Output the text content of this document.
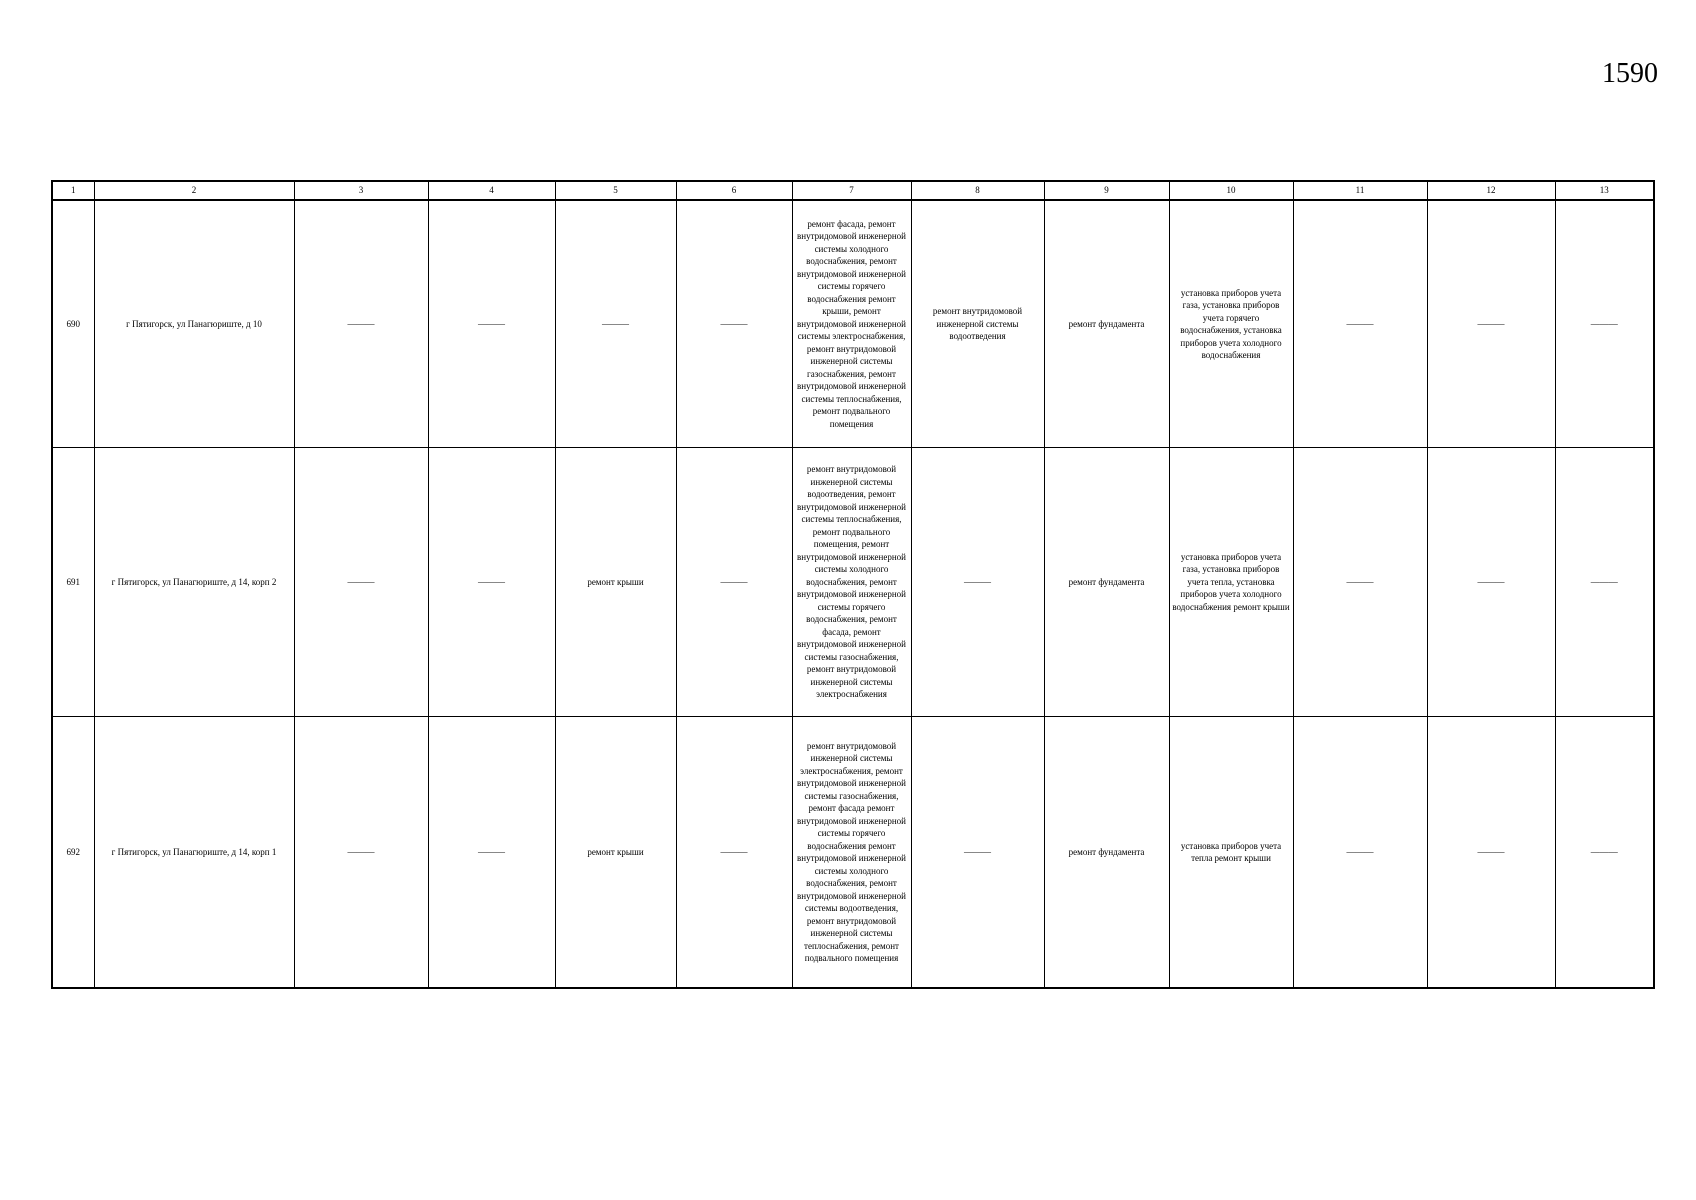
1590
1	2	3	4	5	6	7	8	9	10	11	12	13
690	г Пятигорск, ул Панагюриште, д 10	———	———	———	———	ремонт фасада, ремонт внутридомовой инженерной системы холодного водоснабжения, ремонт внутридомовой инженерной системы горячего водоснабжения ремонт крыши, ремонт внутридомовой инженерной системы электроснабжения, ремонт внутридомовой инженерной системы газоснабжения, ремонт внутридомовой инженерной системы теплоснабжения, ремонт подвального помещения	ремонт внутридомовой инженерной системы водоотведения	ремонт фундамента	установка приборов учета газа, установка приборов учета горячего водоснабжения, установка приборов учета холодного водоснабжения	———	———	———
691	г Пятигорск, ул Панагюриште, д 14, корп 2	———	———	ремонт крыши	———	ремонт внутридомовой инженерной системы водоотведения, ремонт внутридомовой инженерной системы теплоснабжения, ремонт подвального помещения, ремонт внутридомовой инженерной системы холодного водоснабжения, ремонт внутридомовой инженерной системы горячего водоснабжения, ремонт фасада, ремонт внутридомовой инженерной системы газоснабжения, ремонт внутридомовой инженерной системы электроснабжения	———	ремонт фундамента	установка приборов учета газа, установка приборов учета тепла, установка приборов учета холодного водоснабжения ремонт крыши	———	———	———
692	г Пятигорск, ул Панагюриште, д 14, корп 1	———	———	ремонт крыши	———	ремонт внутридомовой инженерной системы электроснабжения, ремонт внутридомовой инженерной системы газоснабжения, ремонт фасада ремонт внутридомовой инженерной системы горячего водоснабжения ремонт внутридомовой инженерной системы холодного водоснабжения, ремонт внутридомовой инженерной системы водоотведения, ремонт внутридомовой инженерной системы теплоснабжения, ремонт подвального помещения	———	ремонт фундамента	установка приборов учета тепла ремонт крыши	———	———	———
